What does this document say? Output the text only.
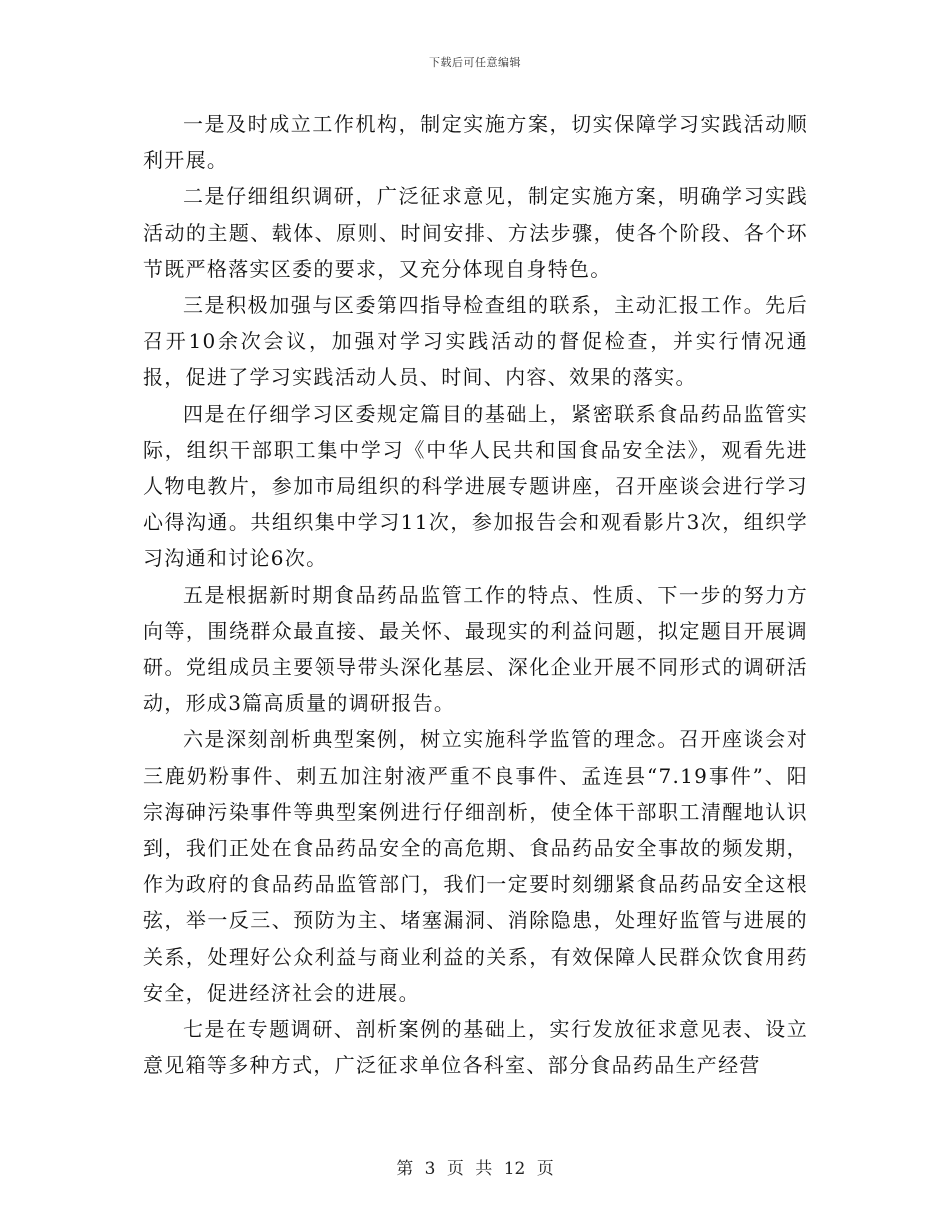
下载后可任意编辑

一是及时成立工作机构，制定实施方案，切实保障学习实践活动顺利开展。

二是仔细组织调研，广泛征求意见，制定实施方案，明确学习实践活动的主题、载体、原则、时间安排、方法步骤，使各个阶段、各个环节既严格落实区委的要求，又充分体现自身特色。

三是积极加强与区委第四指导检查组的联系，主动汇报工作。先后召开10余次会议，加强对学习实践活动的督促检查，并实行情况通报，促进了学习实践活动人员、时间、内容、效果的落实。

四是在仔细学习区委规定篇目的基础上，紧密联系食品药品监管实际，组织干部职工集中学习《中华人民共和国食品安全法》，观看先进人物电教片，参加市局组织的科学进展专题讲座，召开座谈会进行学习心得沟通。共组织集中学习11次，参加报告会和观看影片3次，组织学习沟通和讨论6次。

五是根据新时期食品药品监管工作的特点、性质、下一步的努力方向等，围绕群众最直接、最关怀、最现实的利益问题，拟定题目开展调研。党组成员主要领导带头深化基层、深化企业开展不同形式的调研活动，形成3篇高质量的调研报告。

六是深刻剖析典型案例，树立实施科学监管的理念。召开座谈会对三鹿奶粉事件、刺五加注射液严重不良事件、孟连县“7.19事件”、阳宗海砷污染事件等典型案例进行仔细剖析，使全体干部职工清醒地认识到，我们正处在食品药品安全的高危期、食品药品安全事故的频发期，作为政府的食品药品监管部门，我们一定要时刻绷紧食品药品安全这根弦，举一反三、预防为主、堵塞漏洞、消除隐患，处理好监管与进展的关系，处理好公众利益与商业利益的关系，有效保障人民群众饮食用药安全，促进经济社会的进展。

七是在专题调研、剖析案例的基础上，实行发放征求意见表、设立意见箱等多种方式，广泛征求单位各科室、部分食品药品生产经营

第 3 页 共 12 页
